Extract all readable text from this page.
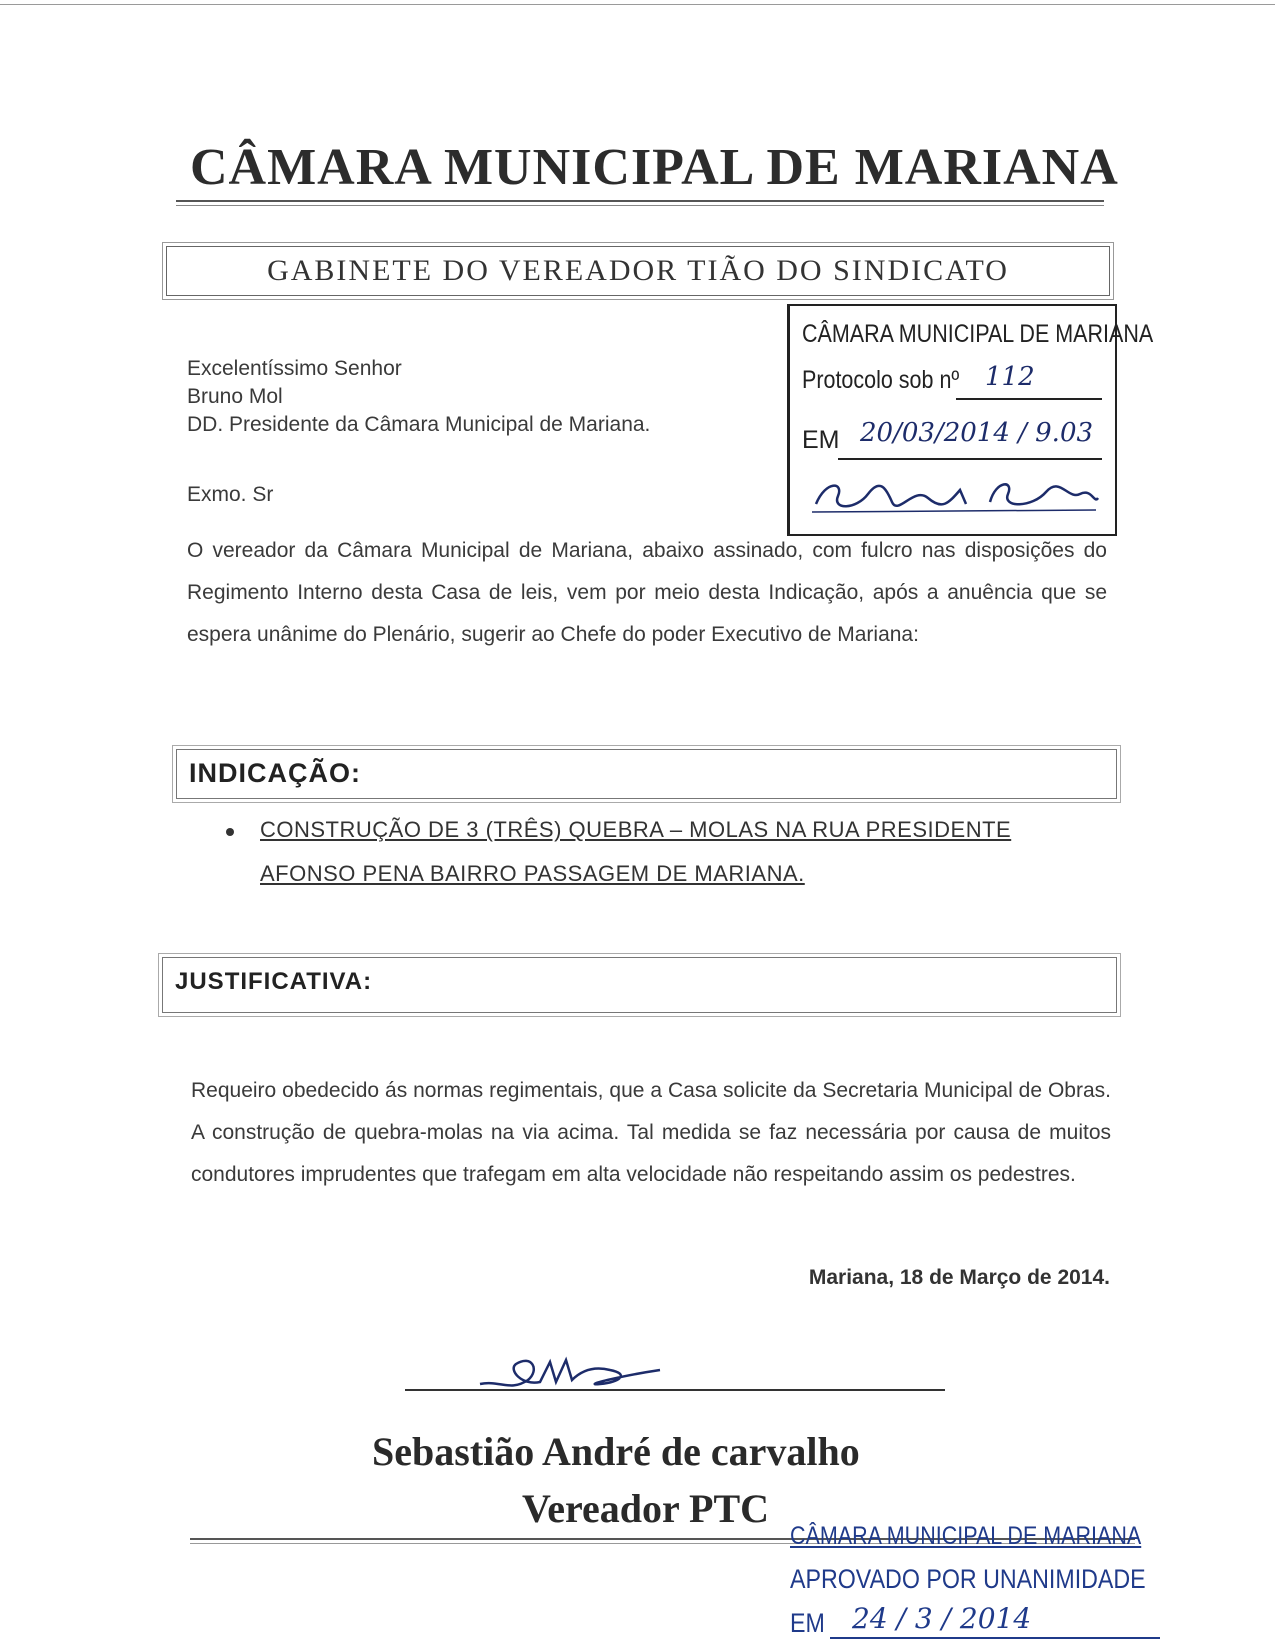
CÂMARA MUNICIPAL DE MARIANA
GABINETE DO VEREADOR TIÃO DO SINDICATO
CÂMARA MUNICIPAL DE MARIANA
Protocolo sob nº 112
EM 20/03/2014 / 9.03
Excelentíssimo Senhor
Bruno Mol
DD. Presidente da Câmara Municipal de Mariana.
Exmo. Sr
O vereador da Câmara Municipal de Mariana, abaixo assinado, com fulcro nas disposições do Regimento Interno desta Casa de leis, vem por meio desta Indicação, após a anuência que se espera unânime do Plenário, sugerir ao Chefe do poder Executivo de Mariana:
INDICAÇÃO:
CONSTRUÇÃO DE 3 (TRÊS) QUEBRA – MOLAS NA RUA PRESIDENTE AFONSO PENA BAIRRO PASSAGEM DE MARIANA.
JUSTIFICATIVA:
Requeiro obedecido ás normas regimentais, que a Casa solicite da Secretaria Municipal de Obras. A construção de quebra-molas na via acima. Tal medida se faz necessária por causa de muitos condutores imprudentes que trafegam em alta velocidade não respeitando assim os pedestres.
Mariana, 18 de Março de 2014.
Sebastião André de carvalho
Vereador PTC
CÂMARA MUNICIPAL DE MARIANA
APROVADO POR UNANIMIDADE
EM 24 / 3 / 2014
